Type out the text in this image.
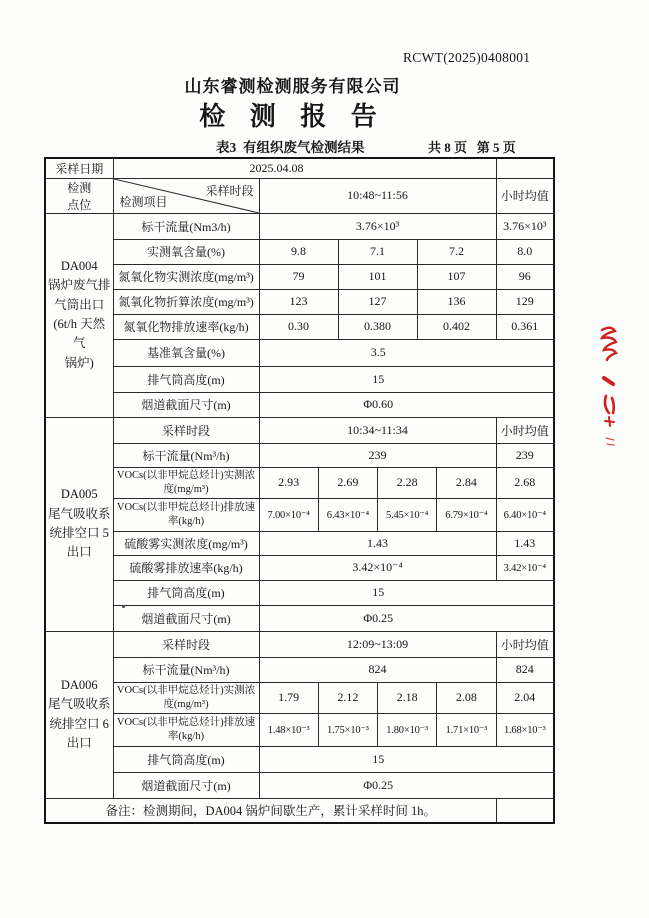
RCWT(2025)0408001
山东睿测检测服务有限公司
检 测 报 告
表3  有组织废气检测结果	共 8 页   第 5 页
采样日期	2025.04.08							
检测
点位	采样时段
检测项目	10:48~11:56						小时均值
DA004
锅炉废气排
气筒出口
(6t/h 天然气
锅炉)	标干流量(Nm3/h)	3.76×10³						3.76×10³
	实测氧含量(%)	9.8		7.1		7.2		8.0
	氮氧化物实测浓度(mg/m³)	79		101		107		96
	氮氧化物折算浓度(mg/m³)	123		127		136		129
	氮氧化物排放速率(kg/h)	0.30		0.380		0.402		0.361
	基准氧含量(%)	3.5						
	排气筒高度(m)	15						
	烟道截面尺寸(m)	Φ0.60						
DA005
尾气吸收系
统排空口 5
出口	采样时段	10:34~11:34						小时均值
	标干流量(Nm³/h)	239						239
	VOCs(以非甲烷总烃计)实测浓度(mg/m³)	2.93	2.69		2.28		2.84	2.68
	VOCs(以非甲烷总烃计)排放速率(kg/h)	7.00×10⁻⁴	6.43×10⁻⁴		5.45×10⁻⁴		6.79×10⁻⁴	6.40×10⁻⁴
	硫酸雾实测浓度(mg/m³)	1.43						1.43
	硫酸雾排放速率(kg/h)	3.42×10⁻⁴						3.42×10⁻⁴
	排气筒高度(m)	15						
	烟道截面尺寸(m)	Φ0.25						
DA006
尾气吸收系
统排空口 6
出口	采样时段	12:09~13:09						小时均值
	标干流量(Nm³/h)	824						824
	VOCs(以非甲烷总烃计)实测浓度(mg/m³)	1.79	2.12		2.18		2.08	2.04
	VOCs(以非甲烷总烃计)排放速率(kg/h)	1.48×10⁻³	1.75×10⁻³		1.80×10⁻³		1.71×10⁻³	1.68×10⁻³
	排气筒高度(m)	15						
	烟道截面尺寸(m)	Φ0.25						
备注：检测期间，DA004 锅炉间歇生产，累计采样时间 1h。								
